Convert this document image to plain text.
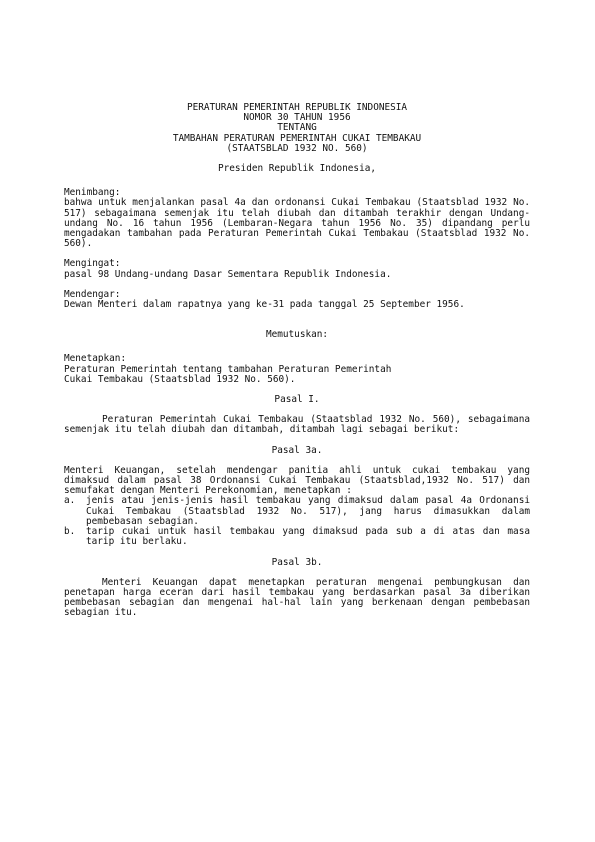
PERATURAN PEMERINTAH REPUBLIK INDONESIA

NOMOR 30 TAHUN 1956

TENTANG

TAMBAHAN PERATURAN PEMERINTAH CUKAI TEMBAKAU

(STAATSBLAD 1932 NO. 560)

Presiden Republik Indonesia,

Menimbang:

bahwa untuk menjalankan pasal 4a dan ordonansi Cukai Tembakau (Staatsblad 1932 No. 517) sebagaimana semenjak itu telah diubah dan ditambah terakhir dengan Undang-undang No. 16 tahun 1956 (Lembaran-Negara tahun 1956 No. 35) dipandang perlu mengadakan tambahan pada Peraturan Pemerintah Cukai Tembakau (Staatsblad 1932 No. 560).

Mengingat:

pasal 98 Undang-undang Dasar Sementara Republik Indonesia.

Mendengar:

Dewan Menteri dalam rapatnya yang ke-31 pada tanggal 25 September 1956.

Memutuskan:

Menetapkan:

Peraturan Pemerintah tentang tambahan Peraturan Pemerintah

Cukai Tembakau (Staatsblad 1932 No. 560).

Pasal I.

Peraturan Pemerintah Cukai Tembakau (Staatsblad 1932 No. 560), sebagaimana semenjak itu telah diubah dan ditambah, ditambah lagi sebagai berikut:

Pasal 3a.

Menteri Keuangan, setelah mendengar panitia ahli untuk cukai tembakau yang dimaksud dalam pasal 38 Ordonansi Cukai Tembakau (Staatsblad,1932 No. 517) dan semufakat dengan Menteri Perekonomian, menetapkan :

a.	jenis atau jenis-jenis hasil tembakau yang dimaksud dalam pasal 4a Ordonansi Cukai Tembakau (Staatsblad 1932 No. 517), jang harus dimasukkan dalam pembebasan sebagian.
b.	tarip cukai untuk hasil tembakau yang dimaksud pada sub a di atas dan masa tarip itu berlaku.

Pasal 3b.

Menteri Keuangan dapat menetapkan peraturan mengenai pembungkusan dan penetapan harga eceran dari hasil tembakau yang berdasarkan pasal 3a diberikan pembebasan sebagian dan mengenai hal-hal lain yang berkenaan dengan pembebasan sebagian itu.
